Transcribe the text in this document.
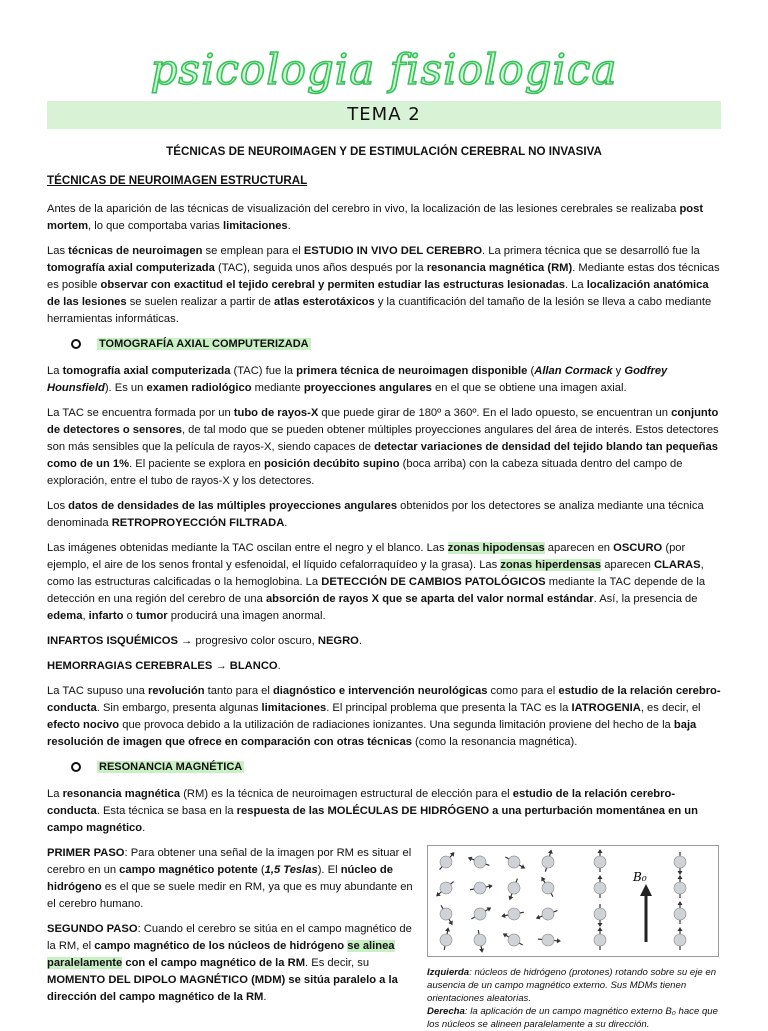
psicologia fisiologica
TEMA 2
TÉCNICAS DE NEUROIMAGEN Y DE ESTIMULACIÓN CEREBRAL NO INVASIVA
TÉCNICAS DE NEUROIMAGEN ESTRUCTURAL

Antes de la aparición de las técnicas de visualización del cerebro in vivo, la localización de las lesiones cerebrales se realizaba post mortem, lo que comportaba varias limitaciones.

Las técnicas de neuroimagen se emplean para el ESTUDIO IN VIVO DEL CEREBRO. La primera técnica que se desarrolló fue la tomografía axial computerizada (TAC), seguida unos años después por la resonancia magnética (RM). Mediante estas dos técnicas es posible observar con exactitud el tejido cerebral y permiten estudiar las estructuras lesionadas. La localización anatómica de las lesiones se suelen realizar a partir de atlas esterotáxicos y la cuantificación del tamaño de la lesión se lleva a cabo mediante herramientas informáticas.

TOMOGRAFÍA AXIAL COMPUTERIZADA

La tomografía axial computerizada (TAC) fue la primera técnica de neuroimagen disponible (Allan Cormack y Godfrey Hounsfield). Es un examen radiológico mediante proyecciones angulares en el que se obtiene una imagen axial.

La TAC se encuentra formada por un tubo de rayos-X que puede girar de 180º a 360º. En el lado opuesto, se encuentran un conjunto de detectores o sensores, de tal modo que se pueden obtener múltiples proyecciones angulares del área de interés. Estos detectores son más sensibles que la película de rayos-X, siendo capaces de detectar variaciones de densidad del tejido blando tan pequeñas como de un 1%. El paciente se explora en posición decúbito supino (boca arriba) con la cabeza situada dentro del campo de exploración, entre el tubo de rayos-X y los detectores.

Los datos de densidades de las múltiples proyecciones angulares obtenidos por los detectores se analiza mediante una técnica denominada RETROPROYECCIÓN FILTRADA.

Las imágenes obtenidas mediante la TAC oscilan entre el negro y el blanco. Las zonas hipodensas aparecen en OSCURO (por ejemplo, el aire de los senos frontal y esfenoidal, el líquido cefalorraquídeo y la grasa). Las zonas hiperdensas aparecen CLARAS, como las estructuras calcificadas o la hemoglobina. La DETECCIÓN DE CAMBIOS PATOLÓGICOS mediante la TAC depende de la detección en una región del cerebro de una absorción de rayos X que se aparta del valor normal estándar. Así, la presencia de edema, infarto o tumor producirá una imagen anormal.

INFARTOS ISQUÉMICOS → progresivo color oscuro, NEGRO.

HEMORRAGIAS CEREBRALES → BLANCO.

La TAC supuso una revolución tanto para el diagnóstico e intervención neurológicas como para el estudio de la relación cerebro-conducta. Sin embargo, presenta algunas limitaciones. El principal problema que presenta la TAC es la IATROGENIA, es decir, el efecto nocivo que provoca debido a la utilización de radiaciones ionizantes. Una segunda limitación proviene del hecho de la baja resolución de imagen que ofrece en comparación con otras técnicas (como la resonancia magnética).

RESONANCIA MAGNÉTICA

La resonancia magnética (RM) es la técnica de neuroimagen estructural de elección para el estudio de la relación cerebro-conducta. Esta técnica se basa en la respuesta de las MOLÉCULAS DE HIDRÓGENO a una perturbación momentánea en un campo magnético.

PRIMER PASO: Para obtener una señal de la imagen por RM es situar el cerebro en un campo magnético potente (1,5 Teslas). El núcleo de hidrógeno es el que se suele medir en RM, ya que es muy abundante en el cerebro humano.

SEGUNDO PASO: Cuando el cerebro se sitúa en el campo magnético de la RM, el campo magnético de los núcleos de hidrógeno se alinea paralelamente con el campo magnético de la RM. Es decir, su MOMENTO DEL DIPOLO MAGNÉTICO (MDM) se sitúa paralelo a la dirección del campo magnético de la RM.

B₀
Izquierda: núcleos de hidrógeno (protones) rotando sobre su eje en ausencia de un campo magnético externo. Sus MDMs tienen orientaciones aleatorias.
Derecha: la aplicación de un campo magnético externo B₀ hace que los núcleos se alineen paralelamente a su dirección.
